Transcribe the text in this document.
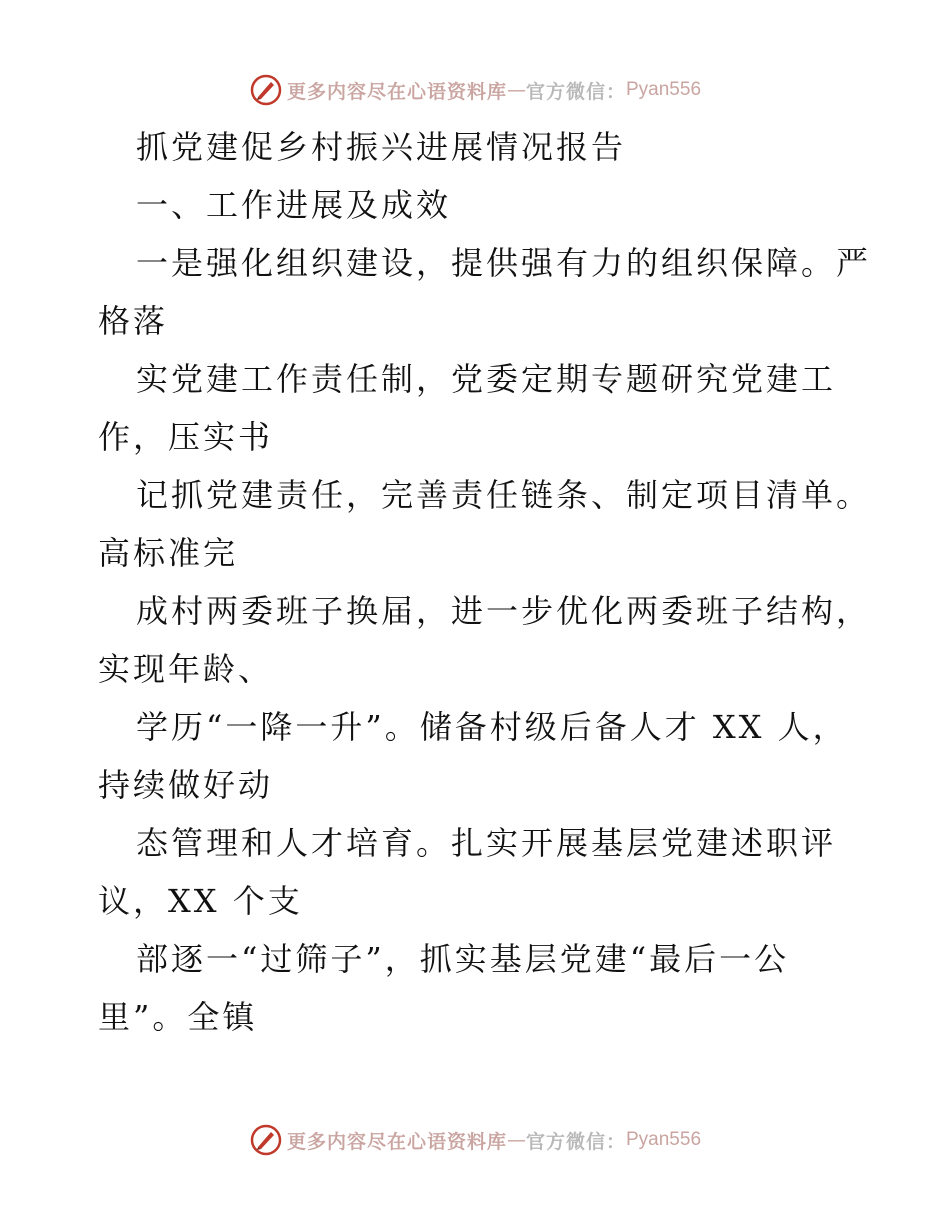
更多内容尽在心语资料库 — 官方微信： Pyan556
抓党建促乡村振兴进展情况报告
一、工作进展及成效
一是强化组织建设，提供强有力的组织保障。严
格落
实党建工作责任制，党委定期专题研究党建工
作，压实书
记抓党建责任，完善责任链条、制定项目清单。
高标准完
成村两委班子换届，进一步优化两委班子结构，
实现年龄、
学历“一降一升”。储备村级后备人才 XX 人，
持续做好动
态管理和人才培育。扎实开展基层党建述职评
议，XX 个支
部逐一“过筛子”，抓实基层党建“最后一公
里”。全镇
更多内容尽在心语资料库 — 官方微信： Pyan556
